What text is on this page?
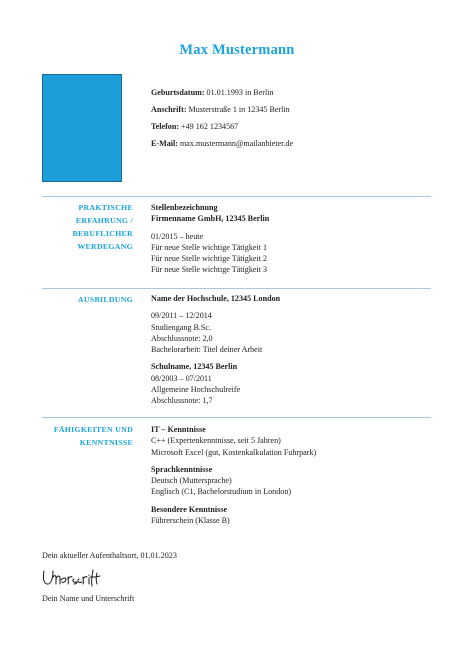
Max Mustermann
Geburtsdatum: 01.01.1993 in Berlin
Anschrift: Musterstraße 1 in 12345 Berlin
Telefon: +49 162 1234567
E-Mail: max.mustermann@mailanbieter.de
PRAKTISCHE
ERFAHRUNG /
BERUFLICHER
WERDEGANG
Stellenbezeichnung
Firmenname GmbH, 12345 Berlin
01/2015 – heute
Für neue Stelle wichtige Tätigkeit 1
Für neue Stelle wichtige Tätigkeit 2
Für neue Stelle wichtige Tätigkeit 3
AUSBILDUNG Name der Hochschule, 12345 London
09/2011 – 12/2014
Studiengang B.Sc.
Abschlussnote: 2,0
Bachelorarbeit: Titel deiner Arbeit
Schulname, 12345 Berlin
08/2003 – 07/2011
Allgemeine Hochschulreife
Abschlussnote: 1,7
FÄHIGKEITEN UND
KENNTNISSE
IT – Kenntnisse
C++ (Expertenkenntnisse, seit 5 Jahren)
Microsoft Excel (gut, Kostenkalkulation Fuhrpark)
Sprachkenntnisse
Deutsch (Muttersprache)
Englisch (C1, Bachelorstudium in London)
Besondere Kenntnisse
Führerschein (Klasse B)
Dein aktueller Aufenthaltsort, 01.01.2023
Dein Name und Unterschrift
